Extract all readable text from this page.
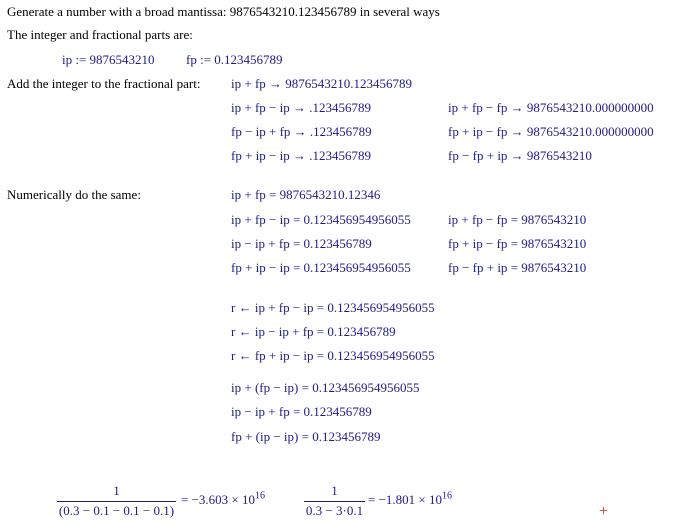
Generate a number with a broad mantissa: 9876543210.123456789 in several ways
The integer and fractional parts are:
ip := 9876543210 fp := 0.123456789
Add the integer to the fractional part: ip + fp → 9876543210.123456789
ip + fp − ip → .123456789
fp − ip + fp → .123456789
fp + ip − ip → .123456789
ip + fp − fp → 9876543210.000000000
fp + ip − fp → 9876543210.000000000
fp − fp + ip → 9876543210
Numerically do the same:	ip + fp = 9876543210.12346
ip + fp − ip = 0.123456954956055
ip − ip + fp = 0.123456789
fp + ip − ip = 0.123456954956055
ip + fp − fp = 9876543210
fp + ip − fp = 9876543210
fp − fp + ip = 9876543210
r ← ip + fp − ip = 0.123456954956055
r ← ip − ip + fp = 0.123456789
r ← fp + ip − ip = 0.123456954956055
ip + (fp − ip) = 0.123456954956055
ip − ip + fp = 0.123456789
fp + (ip − ip) = 0.123456789
1
(0.3 − 0.1 − 0.1 − 0.1)
= $-3.603 \times 10^{16}$	1
0.3 − 3·0.1
= $-1.801 \times 10^{16}$
+
